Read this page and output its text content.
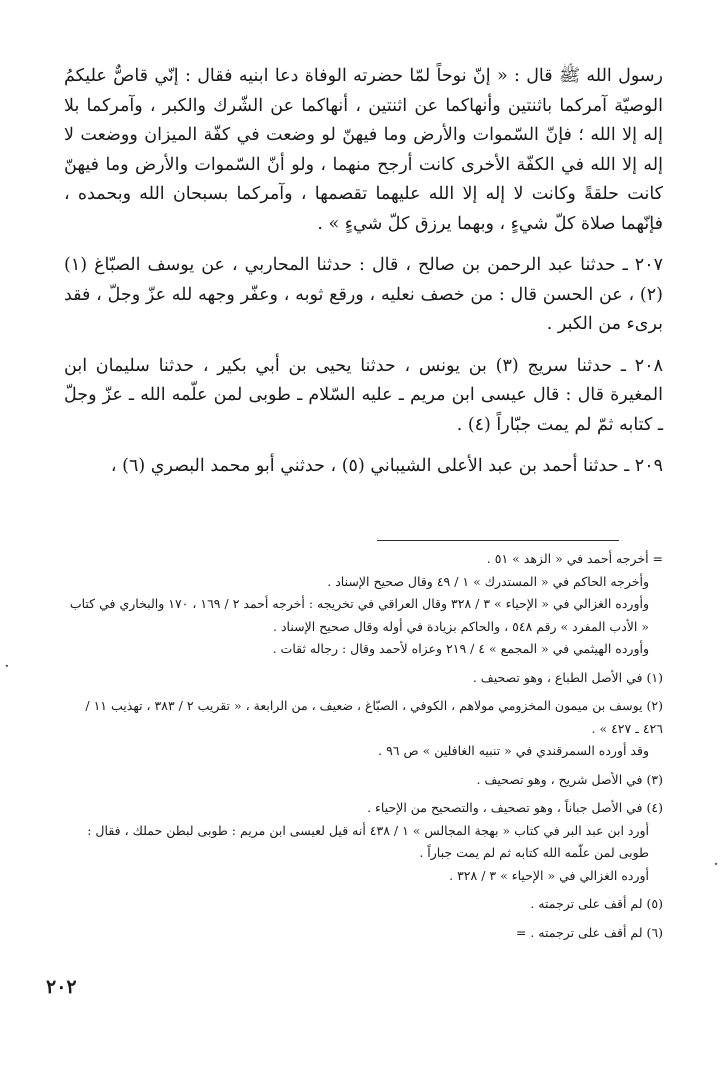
رسول الله ﷺ قال : « إنّ نوحاً لمّا حضرته الوفاة دعا ابنيه فقال : إنّي قاصٌّ عليكمُ الوصيّة آمركما باثنتين وأنهاكما عن اثنتين ، أنهاكما عن الشّرك والكبر ، وآمركما بلا إله إلا الله ؛ فإنّ السّموات والأرض وما فيهنّ لو وضعت في كفّة الميزان ووضعت لا إله إلا الله في الكفّة الأخرى كانت أرجح منهما ، ولو أنّ السّموات والأرض وما فيهنّ كانت حلقةً وكانت لا إله إلا الله عليهما تقصمها ، وآمركما بسبحان الله وبحمده ، فإنّهما صلاة كلّ شيءٍ ، وبهما يرزق كلّ شيءٍ » .

٢٠٧ ـ حدثنا عبد الرحمن بن صالح ، قال : حدثنا المحاربي ، عن يوسف الصبّاغ (١) (٢) ، عن الحسن قال : من خصف نعليه ، ورقع ثوبه ، وعفّر وجهه لله عزّ وجلّ ، فقد برىء من الكبر .

٢٠٨ ـ حدثنا سريج (٣) بن يونس ، حدثنا يحيى بن أبي بكير ، حدثنا سليمان ابن المغيرة قال : قال عيسى ابن مريم ـ عليه السّلام ـ طوبى لمن علّمه الله ـ عزّ وجلّ ـ كتابه ثمّ لم يمت جبّاراً (٤) .

٢٠٩ ـ حدثنا أحمد بن عبد الأعلى الشيباني (٥) ، حدثني أبو محمد البصري (٦) ،

= أخرجه أحمد في « الزهد » ٥١ .
وأخرجه الحاكم في « المستدرك » ١ / ٤٩ وقال صحيح الإسناد .
وأورده الغزالي في « الإحياء » ٣ / ٣٢٨ وقال العراقي في تخريجه : أخرجه أحمد ٢ / ١٦٩ ، ١٧٠ والبخاري في كتاب « الأدب المفرد » رقم ٥٤٨ ، والحاكم بزيادة في أوله وقال صحيح الإسناد .
وأورده الهيثمي في « المجمع » ٤ / ٢١٩ وعزاه لأحمد وقال : رجاله ثقات .
(١) في الأصل الطباع ، وهو تصحيف .
(٢) يوسف بن ميمون المخزومي مولاهم ، الكوفي ، الصبّاغ ، ضعيف ، من الرابعة ، « تقريب ٢ / ٣٨٣ ، تهذيب ١١ / ٤٢٦ ـ ٤٢٧ » .
وقد أورده السمرقندي في « تنبيه الغافلين » ص ٩٦ .
(٣) في الأصل شريح ، وهو تصحيف .
(٤) في الأصل جباناً ، وهو تصحيف ، والتصحيح من الإحياء .
أورد ابن عبد البر في كتاب « بهجة المجالس » ١ / ٤٣٨ أنه قيل لعيسى ابن مريم : طوبى لبطن حملك ، فقال : طوبى لمن علّمه الله كتابه ثم لم يمت جباراً .
أورده الغزالي في « الإحياء » ٣ / ٣٢٨ .
(٥) لم أقف على ترجمته .
(٦) لم أقف على ترجمته . =
٢٠٢
·
·
